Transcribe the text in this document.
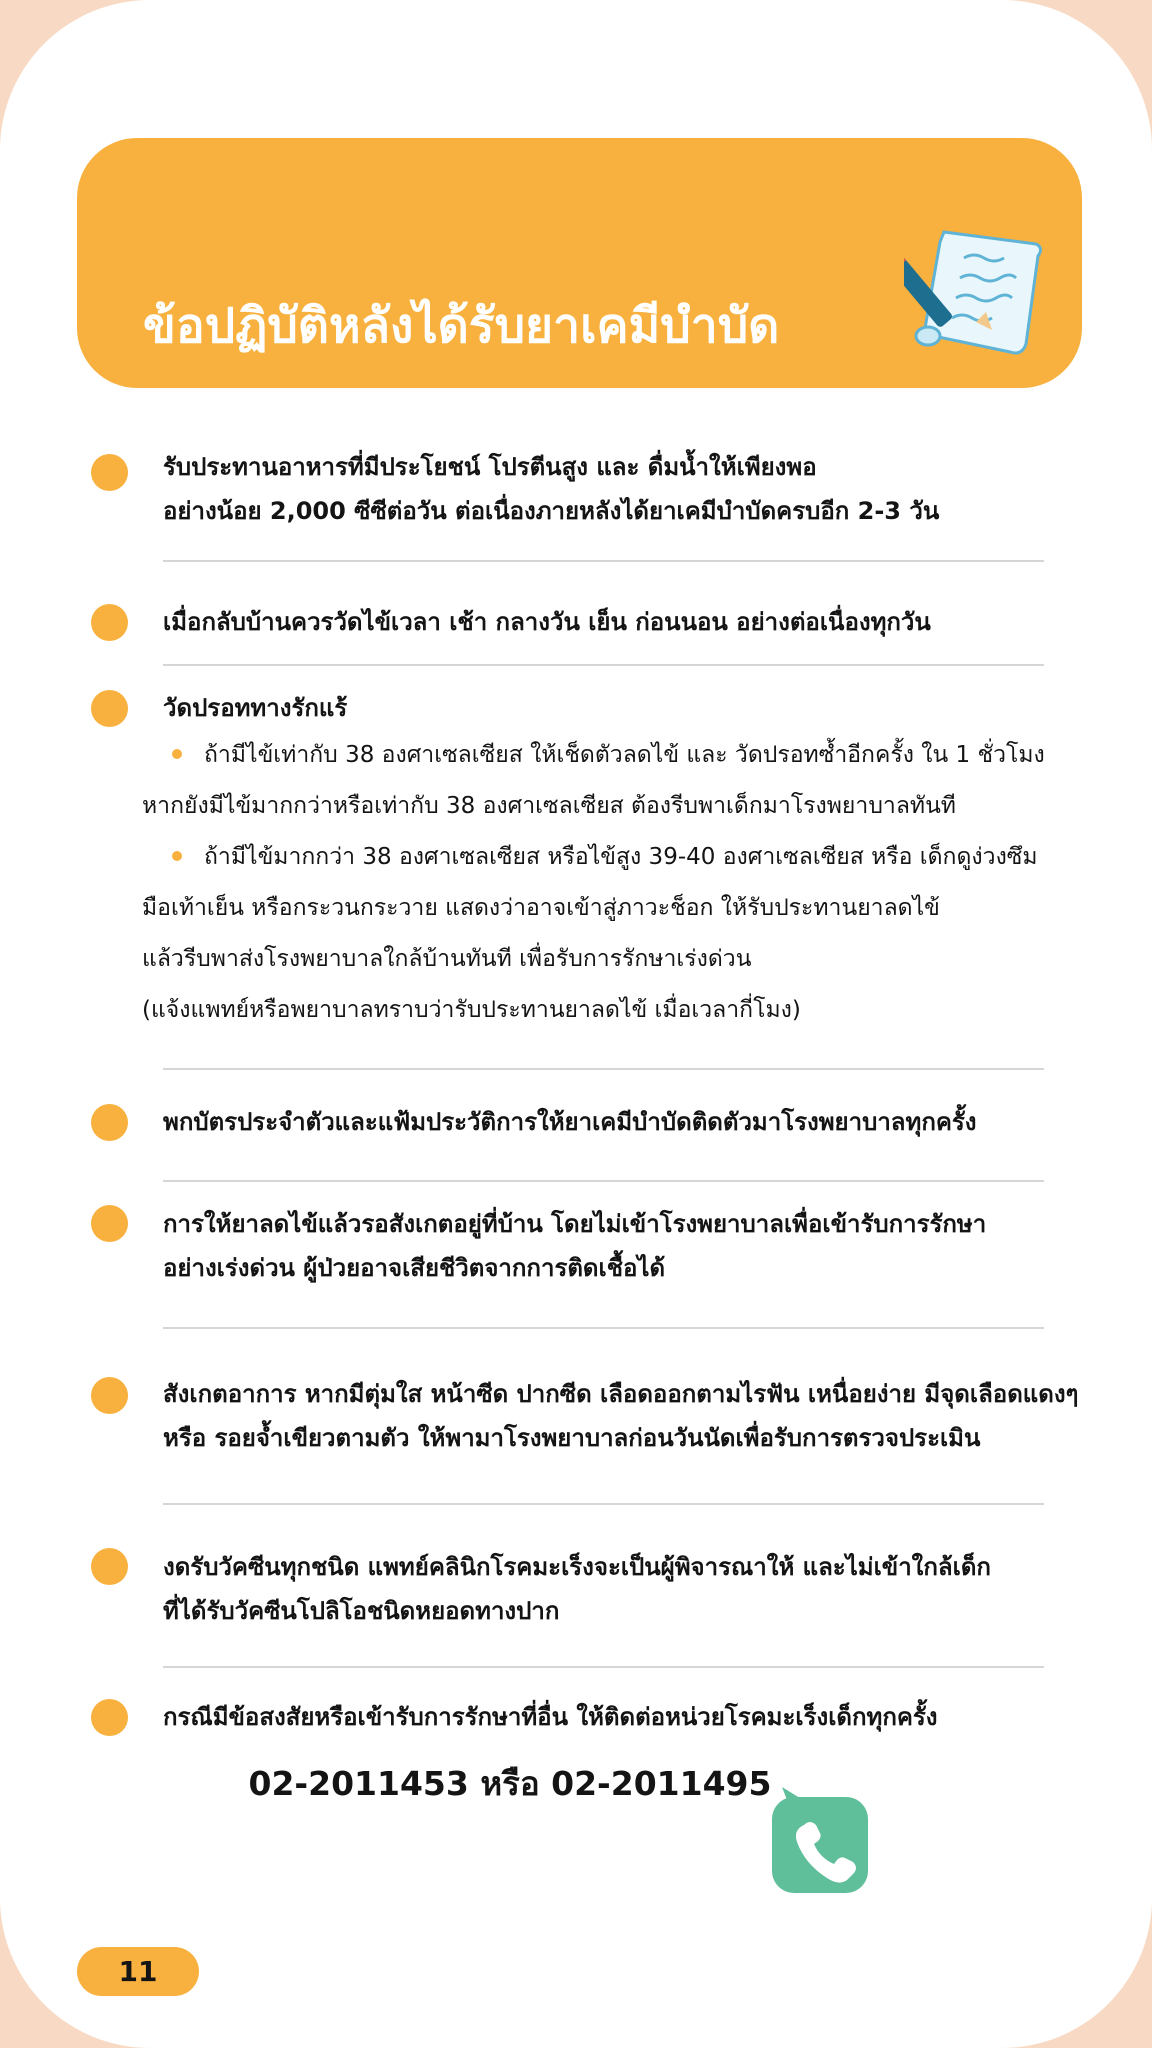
ข้อปฏิบัติหลังได้รับยาเคมีบำบัด
รับประทานอาหารที่มีประโยชน์ โปรตีนสูง และ ดื่มน้ำให้เพียงพอ
อย่างน้อย 2,000 ซีซีต่อวัน ต่อเนื่องภายหลังได้ยาเคมีบำบัดครบอีก 2-3 วัน
เมื่อกลับบ้านควรวัดไข้เวลา เช้า กลางวัน เย็น ก่อนนอน อย่างต่อเนื่องทุกวัน
วัดปรอททางรักแร้
ถ้ามีไข้เท่ากับ 38 องศาเซลเซียส ให้เช็ดตัวลดไข้ และ วัดปรอทซ้ำอีกครั้ง ใน 1 ชั่วโมง
หากยังมีไข้มากกว่าหรือเท่ากับ 38 องศาเซลเซียส ต้องรีบพาเด็กมาโรงพยาบาลทันที
ถ้ามีไข้มากกว่า 38 องศาเซลเซียส หรือไข้สูง 39-40 องศาเซลเซียส หรือ เด็กดูง่วงซึม
มือเท้าเย็น หรือกระวนกระวาย แสดงว่าอาจเข้าสู่ภาวะช็อก ให้รับประทานยาลดไข้
แล้วรีบพาส่งโรงพยาบาลใกล้บ้านทันที เพื่อรับการรักษาเร่งด่วน
(แจ้งแพทย์หรือพยาบาลทราบว่ารับประทานยาลดไข้ เมื่อเวลากี่โมง)
พกบัตรประจำตัวและแฟ้มประวัติการให้ยาเคมีบำบัดติดตัวมาโรงพยาบาลทุกครั้ง
การให้ยาลดไข้แล้วรอสังเกตอยู่ที่บ้าน โดยไม่เข้าโรงพยาบาลเพื่อเข้ารับการรักษา
อย่างเร่งด่วน ผู้ป่วยอาจเสียชีวิตจากการติดเชื้อได้
สังเกตอาการ หากมีตุ่มใส หน้าซีด ปากซีด เลือดออกตามไรฟัน เหนื่อยง่าย มีจุดเลือดแดงๆ
หรือ รอยจ้ำเขียวตามตัว ให้พามาโรงพยาบาลก่อนวันนัดเพื่อรับการตรวจประเมิน
งดรับวัคซีนทุกชนิด แพทย์คลินิกโรคมะเร็งจะเป็นผู้พิจารณาให้ และไม่เข้าใกล้เด็ก
ที่ได้รับวัคซีนโปลิโอชนิดหยอดทางปาก
กรณีมีข้อสงสัยหรือเข้ารับการรักษาที่อื่น ให้ติดต่อหน่วยโรคมะเร็งเด็กทุกครั้ง
02-2011453 หรือ 02-2011495
11
